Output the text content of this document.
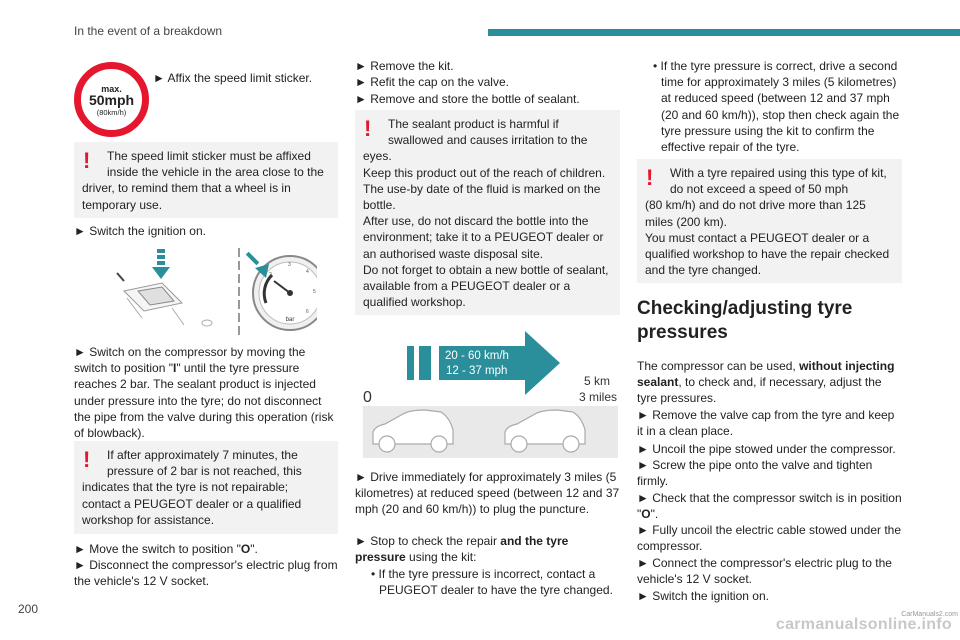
In the event of a breakdown
200
max.
50mph
(80km/h)

► Affix the speed limit sticker.

!	The speed limit sticker must be affixed inside the vehicle in the area close to the
driver, to remind them that a wheel is in temporary use.

► Switch the ignition on.

2
3
4
5
6
bar

► Switch on the compressor by moving the switch to position "I" until the tyre pressure reaches 2 bar. The sealant product is injected under pressure into the tyre; do not disconnect the pipe from the valve during this operation (risk of blowback).

!	If after approximately 7 minutes, the pressure of 2 bar is not reached, this
indicates that the tyre is not repairable; contact a PEUGEOT dealer or a qualified workshop for assistance.

► Move the switch to position "O".

► Disconnect the compressor's electric plug from the vehicle's 12 V socket.

► Remove the kit.

► Refit the cap on the valve.

► Remove and store the bottle of sealant.

!	The sealant product is harmful if swallowed and causes irritation to the
eyes.
Keep this product out of the reach of children.
The use-by date of the fluid is marked on the bottle.
After use, do not discard the bottle into the environment; take it to a PEUGEOT dealer or an authorised waste disposal site.
Do not forget to obtain a new bottle of sealant, available from a PEUGEOT dealer or a qualified workshop.
20 - 60 km/h
12 - 37 mph
0
5 km
3 miles

► Drive immediately for approximately 3 miles (5 kilometres) at reduced speed (between 12 and 37 mph (20 and 60 km/h)) to plug the puncture.

► Stop to check the repair and the tyre pressure using the kit:

• If the tyre pressure is incorrect, contact a PEUGEOT dealer to have the tyre changed.

• If the tyre pressure is correct, drive a second time for approximately 3 miles (5 kilometres) at reduced speed (between 12 and 37 mph (20 and 60 km/h)), stop then check again the tyre pressure using the kit to confirm the effective repair of the tyre.

!	With a tyre repaired using this type of kit, do not exceed a speed of 50 mph
(80 km/h) and do not drive more than 125 miles (200 km).
You must contact a PEUGEOT dealer or a qualified workshop to have the repair checked and the tyre changed.
Checking/adjusting tyre pressures

The compressor can be used, without injecting sealant, to check and, if necessary, adjust the tyre pressures.

► Remove the valve cap from the tyre and keep it in a clean place.

► Uncoil the pipe stowed under the compressor.

► Screw the pipe onto the valve and tighten firmly.

► Check that the compressor switch is in position "O".

► Fully uncoil the electric cable stowed under the compressor.

► Connect the compressor's electric plug to the vehicle's 12 V socket.

► Switch the ignition on.

CarManuals2.com
carmanualsonline.info
